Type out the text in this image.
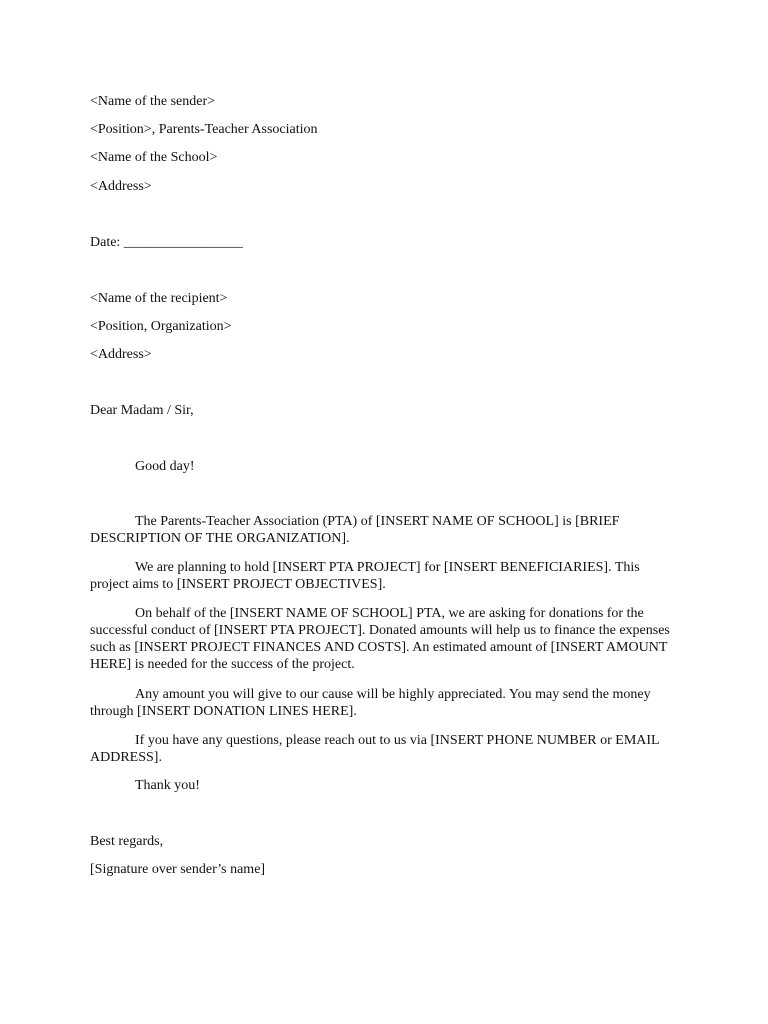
<Name of the sender>
<Position>, Parents-Teacher Association
<Name of the School>
<Address>
Date: _________________
<Name of the recipient>
<Position, Organization>
<Address>
Dear Madam / Sir,
Good day!
The Parents-Teacher Association (PTA) of [INSERT NAME OF SCHOOL] is [BRIEF DESCRIPTION OF THE ORGANIZATION].
We are planning to hold [INSERT PTA PROJECT] for [INSERT BENEFICIARIES]. This project aims to [INSERT PROJECT OBJECTIVES].
On behalf of the [INSERT NAME OF SCHOOL] PTA, we are asking for donations for the successful conduct of [INSERT PTA PROJECT]. Donated amounts will help us to finance the expenses such as [INSERT PROJECT FINANCES AND COSTS]. An estimated amount of [INSERT AMOUNT HERE] is needed for the success of the project.
Any amount you will give to our cause will be highly appreciated. You may send the money through [INSERT DONATION LINES HERE].
If you have any questions, please reach out to us via [INSERT PHONE NUMBER or EMAIL ADDRESS].
Thank you!
Best regards,
[Signature over sender’s name]
